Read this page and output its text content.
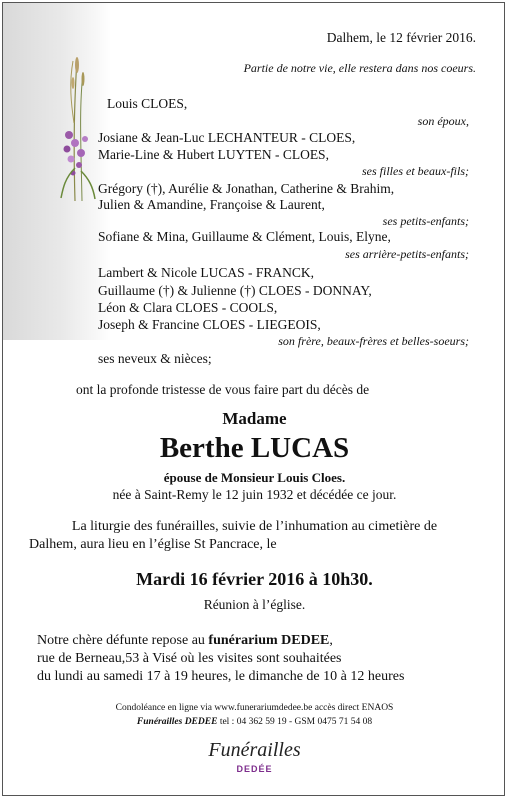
Dalhem, le 12 février 2016.
Partie de notre vie, elle restera dans nos coeurs.
Louis CLOES,
son époux,
Josiane & Jean-Luc LECHANTEUR - CLOES,
Marie-Line & Hubert LUYTEN - CLOES,
ses filles et beaux-fils;
Grégory (†), Aurélie & Jonathan, Catherine & Brahim,
Julien & Amandine, Françoise & Laurent,
ses petits-enfants;
Sofiane & Mina, Guillaume & Clément, Louis, Elyne,
ses arrière-petits-enfants;
Lambert & Nicole LUCAS - FRANCK,
Guillaume (†) & Julienne (†) CLOES - DONNAY,
Léon & Clara CLOES - COOLS,
Joseph & Francine CLOES - LIEGEOIS,
son frère, beaux-frères et belles-soeurs;
ses neveux & nièces;
ont la profonde tristesse de vous faire part du décès de
Madame
Berthe LUCAS
épouse de Monsieur Louis Cloes.
née à Saint-Remy le 12 juin 1932 et décédée ce jour.
La liturgie des funérailles, suivie de l’inhumation au cimetière de
Dalhem, aura lieu en l’église St Pancrace, le
Mardi 16 février 2016 à 10h30.
Réunion à l’église.
Notre chère défunte repose au funérarium DEDEE,
rue de Berneau,53 à Visé où les visites sont souhaitées
du lundi au samedi 17 à 19 heures, le dimanche de 10 à 12 heures
Condoléance en ligne via www.funerariumdedee.be accès direct ENAOS
Funérailles DEDEE tel : 04 362 59 19 - GSM 0475 71 54 08
Funérailles
DEDÉE
